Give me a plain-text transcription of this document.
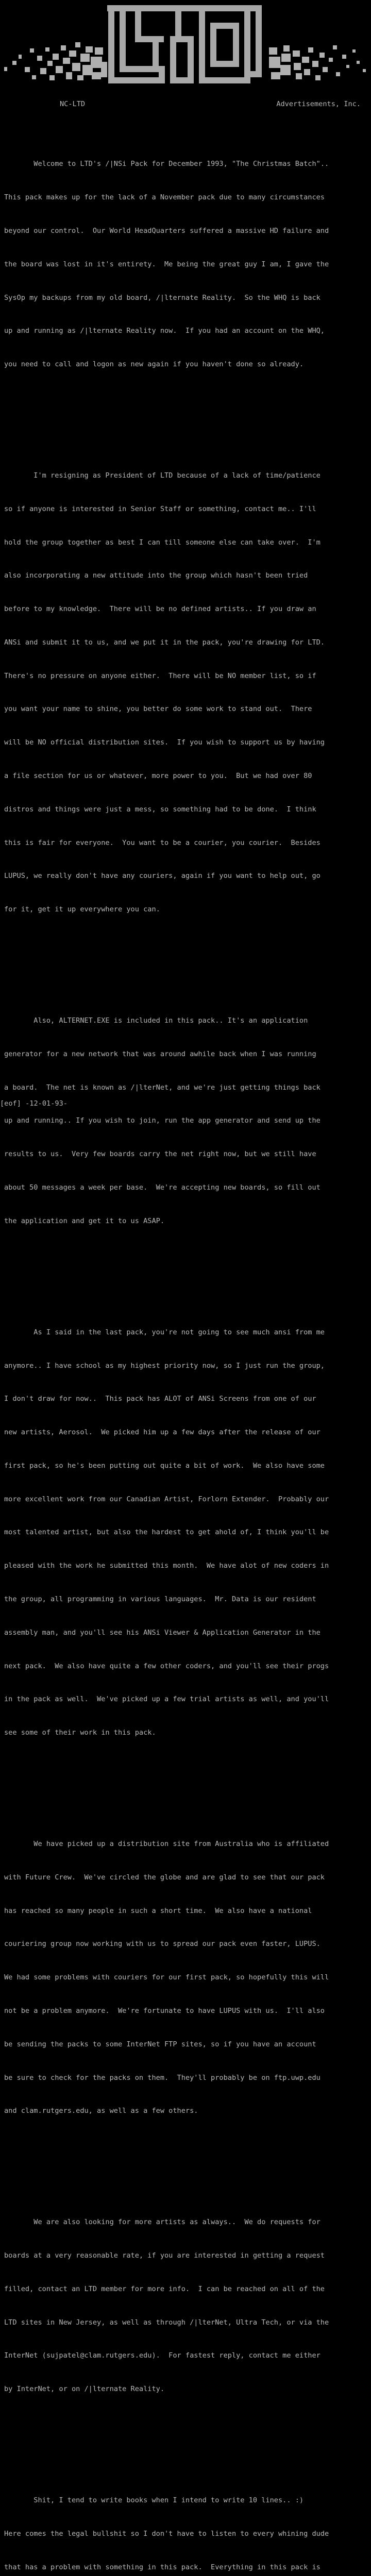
NC-LTD	Advertisements, Inc.

Welcome to LTD's /|NSi Pack for December 1993, "The Christmas Batch"..

This pack makes up for the lack of a November pack due to many circumstances

beyond our control.  Our World HeadQuarters suffered a massive HD failure and

the board was lost in it's entirety.  Me being the great guy I am, I gave the

SysOp my backups from my old board, /|lternate Reality.  So the WHQ is back

up and running as /|lternate Reality now.  If you had an account on the WHQ,

you need to call and logon as new again if you haven't done so already.

I'm resigning as President of LTD because of a lack of time/patience

so if anyone is interested in Senior Staff or something, contact me.. I'll

hold the group together as best I can till someone else can take over.  I'm

also incorporating a new attitude into the group which hasn't been tried

before to my knowledge.  There will be no defined artists.. If you draw an

ANSi and submit it to us, and we put it in the pack, you're drawing for LTD.

There's no pressure on anyone either.  There will be NO member list, so if

you want your name to shine, you better do some work to stand out.  There

will be NO official distribution sites.  If you wish to support us by having

a file section for us or whatever, more power to you.  But we had over 80

distros and things were just a mess, so something had to be done.  I think

this is fair for everyone.  You want to be a courier, you courier.  Besides

LUPUS, we really don't have any couriers, again if you want to help out, go

for it, get it up everywhere you can.

Also, ALTERNET.EXE is included in this pack.. It's an application

generator for a new network that was around awhile back when I was running

a board.  The net is known as /|lterNet, and we're just getting things back

up and running.. If you wish to join, run the app generator and send up the

results to us.  Very few boards carry the net right now, but we still have

about 50 messages a week per base.  We're accepting new boards, so fill out

the application and get it to us ASAP.

As I said in the last pack, you're not going to see much ansi from me

anymore.. I have school as my highest priority now, so I just run the group,

I don't draw for now..  This pack has ALOT of ANSi Screens from one of our

new artists, Aerosol.  We picked him up a few days after the release of our

first pack, so he's been putting out quite a bit of work.  We also have some

more excellent work from our Canadian Artist, Forlorn Extender.  Probably our

most talented artist, but also the hardest to get ahold of, I think you'll be

pleased with the work he submitted this month.  We have alot of new coders in

the group, all programming in various languages.  Mr. Data is our resident

assembly man, and you'll see his ANSi Viewer & Application Generator in the

next pack.  We also have quite a few other coders, and you'll see their progs

in the pack as well.  We've picked up a few trial artists as well, and you'll

see some of their work in this pack.

We have picked up a distribution site from Australia who is affiliated

with Future Crew.  We've circled the globe and are glad to see that our pack

has reached so many people in such a short time.  We also have a national

couriering group now working with us to spread our pack even faster, LUPUS.

We had some problems with couriers for our first pack, so hopefully this will

not be a problem anymore.  We're fortunate to have LUPUS with us.  I'll also

be sending the packs to some InterNet FTP sites, so if you have an account

be sure to check for the packs on them.  They'll probably be on ftp.uwp.edu

and clam.rutgers.edu, as well as a few others.

We are also looking for more artists as always..  We do requests for

boards at a very reasonable rate, if you are interested in getting a request

filled, contact an LTD member for more info.  I can be reached on all of the

LTD sites in New Jersey, as well as through /|lterNet, Ultra Tech, or via the

InterNet (sujpatel@clam.rutgers.edu).  For fastest reply, contact me either

by InterNet, or on /|lternate Reality.

Shit, I tend to write books when I intend to write 10 lines.. :)

Here comes the legal bullshit so I don't have to listen to every whining dude

that has a problem with something in this pack.  Everything in this pack is

[eof] -12-01-93-
